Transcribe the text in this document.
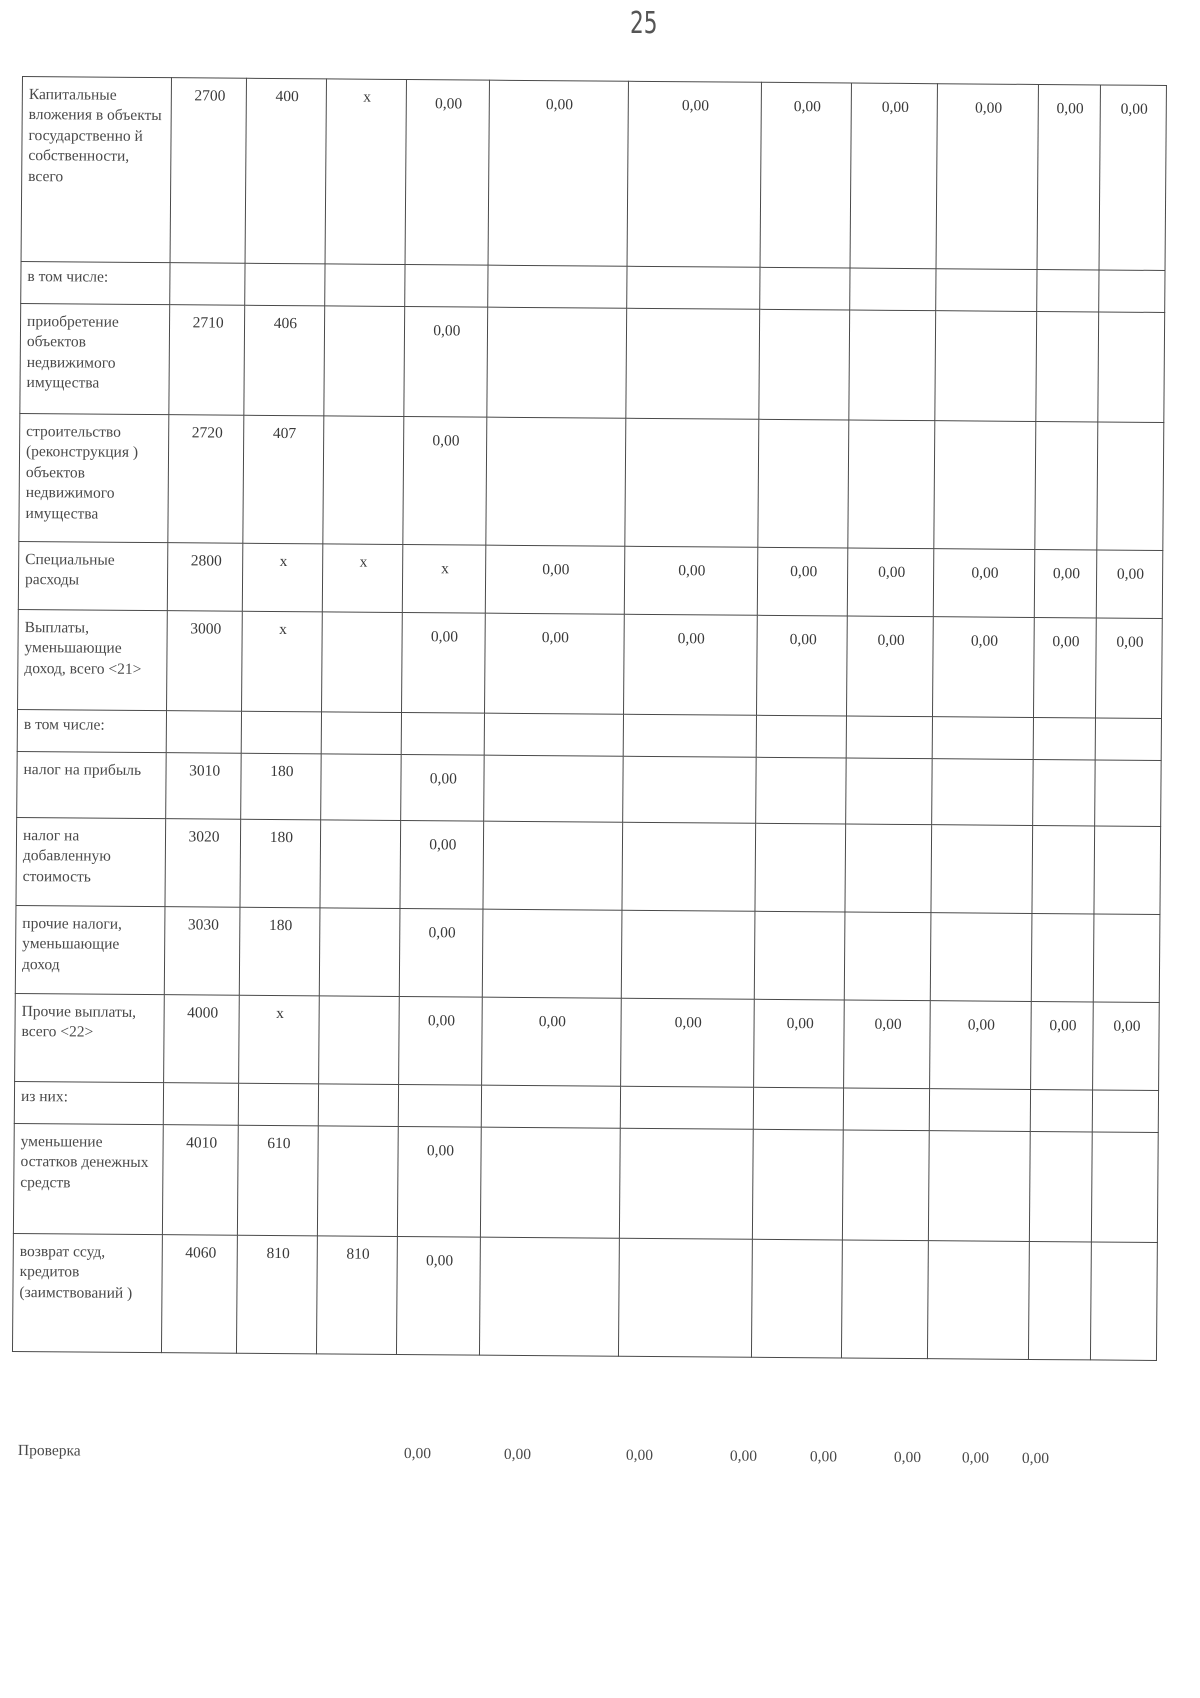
25
Капитальные вложения в объекты государственно й собственности, всего	2700	400	х	0,00	0,00	0,00	0,00	0,00	0,00	0,00	0,00
в том числе:											
приобретение объектов недвижимого имущества	2710	406		0,00							
строительство (реконструкция ) объектов недвижимого имущества	2720	407		0,00							
Специальные расходы	2800	х	х	х	0,00	0,00	0,00	0,00	0,00	0,00	0,00
Выплаты, уменьшающие доход, всего <21>	3000	х		0,00	0,00	0,00	0,00	0,00	0,00	0,00	0,00
в том числе:											
налог на прибыль	3010	180		0,00							
налог на добавленную стоимость	3020	180		0,00							
прочие налоги, уменьшающие доход	3030	180		0,00							
Прочие выплаты, всего <22>	4000	х		0,00	0,00	0,00	0,00	0,00	0,00	0,00	0,00
из них:											
уменьшение остатков денежных средств	4010	610		0,00							
возврат ссуд, кредитов (заимствований )	4060	810	810	0,00							
Проверка	0,00	0,00	0,00	0,00	0,00	0,00	0,00 0,00
